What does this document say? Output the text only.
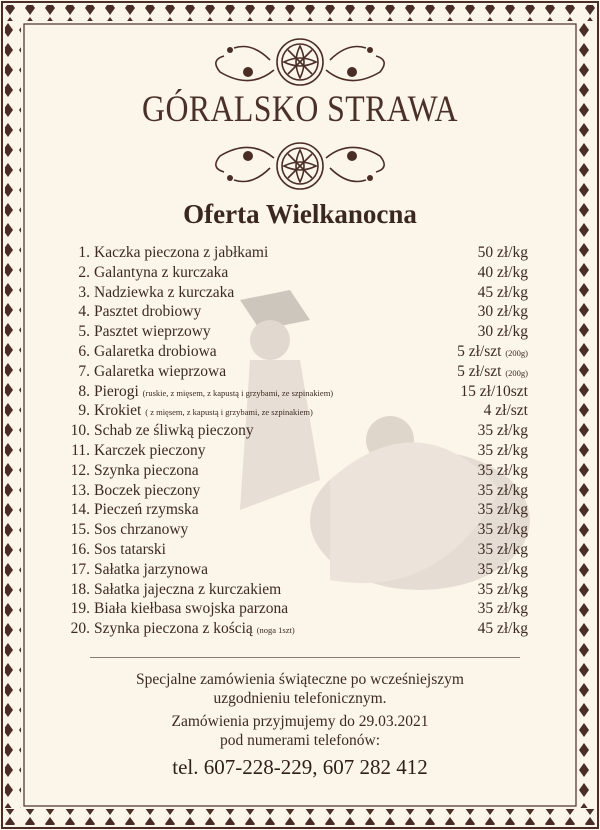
GÓRALSKO STRAWA
Oferta Wielkanocna
1. Kaczka pieczona z jabłkami	50 zł/kg
2. Galantyna z kurczaka	40 zł/kg
3. Nadziewka z kurczaka	45 zł/kg
4. Pasztet drobiowy	30 zł/kg
5. Pasztet wieprzowy	30 zł/kg
6. Galaretka drobiowa	5 zł/szt (200g)
7. Galaretka wieprzowa	5 zł/szt (200g)
8. Pierogi (ruskie, z mięsem, z kapustą i grzybami, ze szpinakiem)	15 zł/10szt
9. Krokiet ( z mięsem, z kapustą i grzybami, ze szpinakiem)	4 zł/szt
10. Schab ze śliwką pieczony	35 zł/kg
11. Karczek pieczony	35 zł/kg
12. Szynka pieczona	35 zł/kg
13. Boczek pieczony	35 zł/kg
14. Pieczeń rzymska	35 zł/kg
15. Sos chrzanowy	35 zł/kg
16. Sos tatarski	35 zł/kg
17. Sałatka jarzynowa	35 zł/kg
18. Sałatka jajeczna z kurczakiem	35 zł/kg
19. Biała kiełbasa swojska parzona	35 zł/kg
20. Szynka pieczona z kością (noga 1szt)	45 zł/kg
Specjalne zamówienia świąteczne po wcześniejszym
uzgodnieniu telefonicznym.
Zamówienia przyjmujemy do 29.03.2021
pod numerami telefonów:
tel. 607-228-229, 607 282 412
